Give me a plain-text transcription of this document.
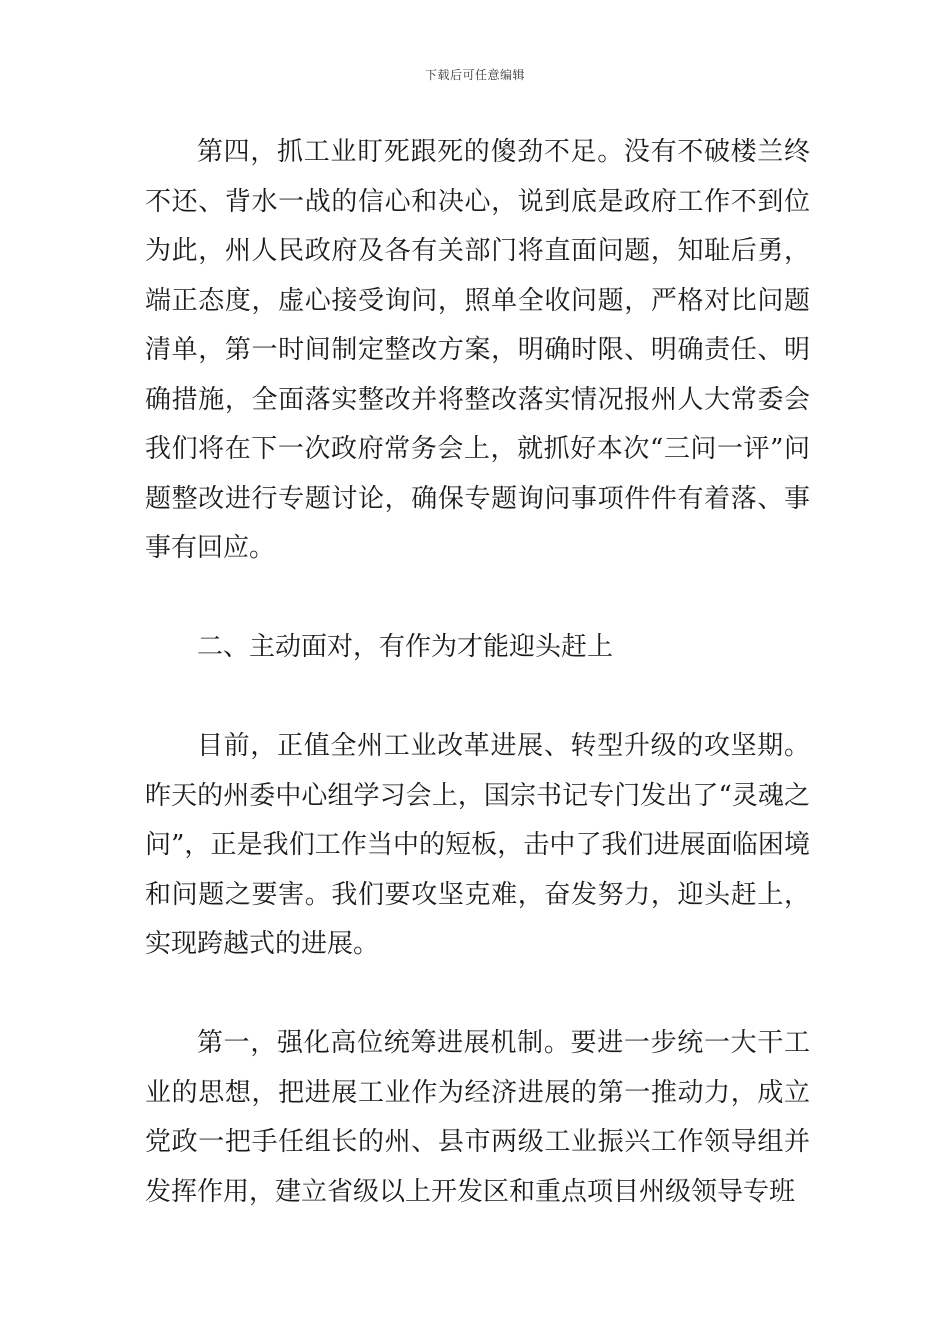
下载后可任意编辑

第四，抓工业盯死跟死的傻劲不足。没有不破楼兰终不还、背水一战的信心和决心，说到底是政府工作不到位为此，州人民政府及各有关部门将直面问题，知耻后勇，端正态度，虚心接受询问，照单全收问题，严格对比问题清单，第一时间制定整改方案，明确时限、明确责任、明确措施，全面落实整改并将整改落实情况报州人大常委会我们将在下一次政府常务会上，就抓好本次“三问一评”问题整改进行专题讨论，确保专题询问事项件件有着落、事事有回应。

二、主动面对，有作为才能迎头赶上

目前，正值全州工业改革进展、转型升级的攻坚期。昨天的州委中心组学习会上，国宗书记专门发出了“灵魂之问”，正是我们工作当中的短板，击中了我们进展面临困境和问题之要害。我们要攻坚克难，奋发努力，迎头赶上，实现跨越式的进展。

第一，强化高位统筹进展机制。要进一步统一大干工业的思想，把进展工业作为经济进展的第一推动力，成立党政一把手任组长的州、县市两级工业振兴工作领导组并发挥作用，建立省级以上开发区和重点项目州级领导专班
